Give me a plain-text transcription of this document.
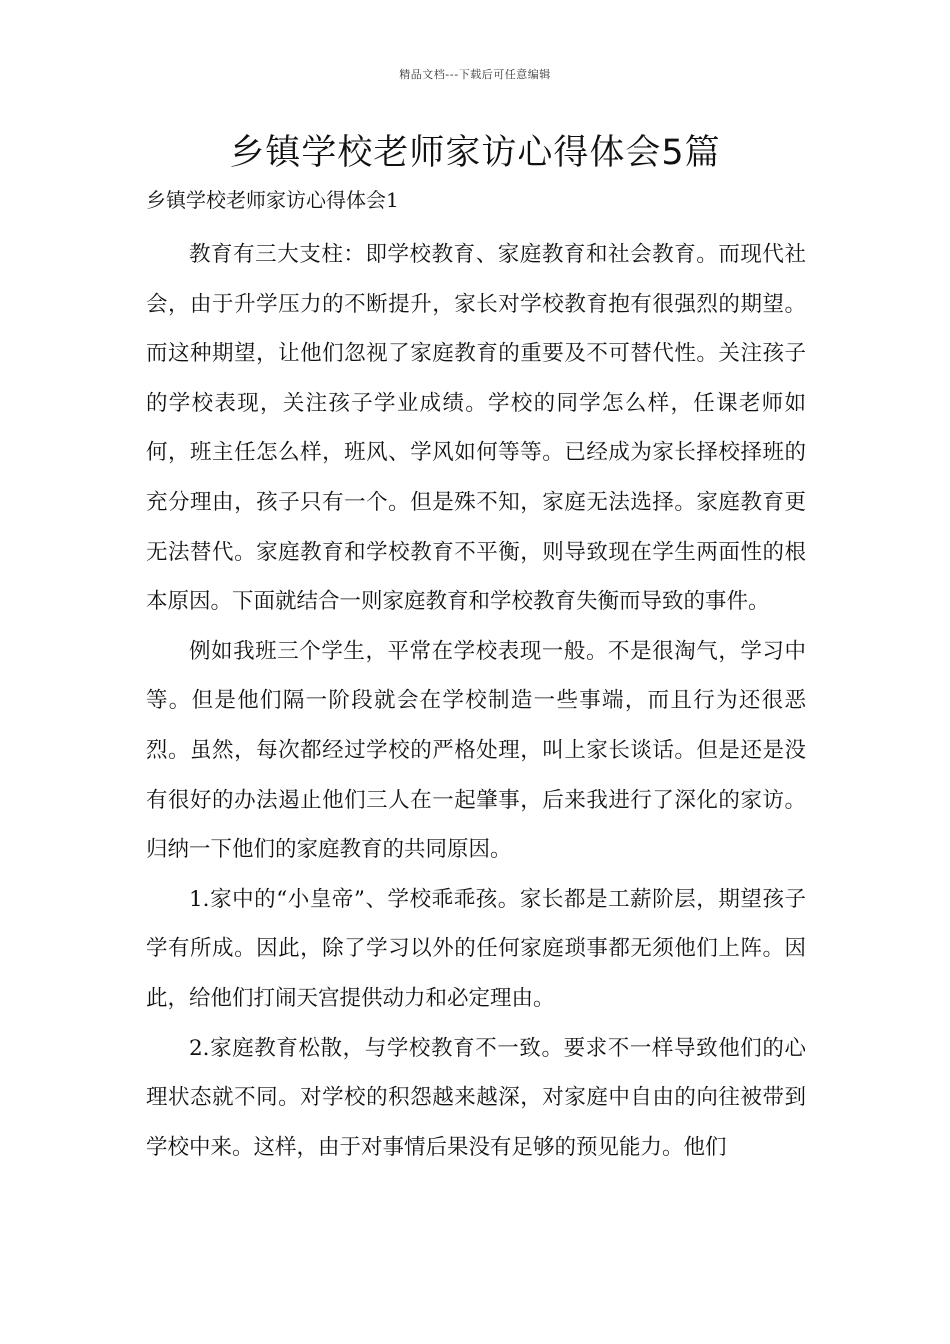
精品文档---下载后可任意编辑
乡镇学校老师家访心得体会5篇
乡镇学校老师家访心得体会1

教育有三大支柱：即学校教育、家庭教育和社会教育。而现代社会，由于升学压力的不断提升，家长对学校教育抱有很强烈的期望。而这种期望，让他们忽视了家庭教育的重要及不可替代性。关注孩子的学校表现，关注孩子学业成绩。学校的同学怎么样，任课老师如何，班主任怎么样，班风、学风如何等等。已经成为家长择校择班的充分理由，孩子只有一个。但是殊不知，家庭无法选择。家庭教育更无法替代。家庭教育和学校教育不平衡，则导致现在学生两面性的根本原因。下面就结合一则家庭教育和学校教育失衡而导致的事件。

例如我班三个学生，平常在学校表现一般。不是很淘气，学习中等。但是他们隔一阶段就会在学校制造一些事端，而且行为还很恶烈。虽然，每次都经过学校的严格处理，叫上家长谈话。但是还是没有很好的办法遏止他们三人在一起肇事，后来我进行了深化的家访。归纳一下他们的家庭教育的共同原因。

1.家中的“小皇帝”、学校乖乖孩。家长都是工薪阶层，期望孩子学有所成。因此，除了学习以外的任何家庭琐事都无须他们上阵。因此，给他们打闹天宫提供动力和必定理由。

2.家庭教育松散，与学校教育不一致。要求不一样导致他们的心理状态就不同。对学校的积怨越来越深，对家庭中自由的向往被带到学校中来。这样，由于对事情后果没有足够的预见能力。他们
